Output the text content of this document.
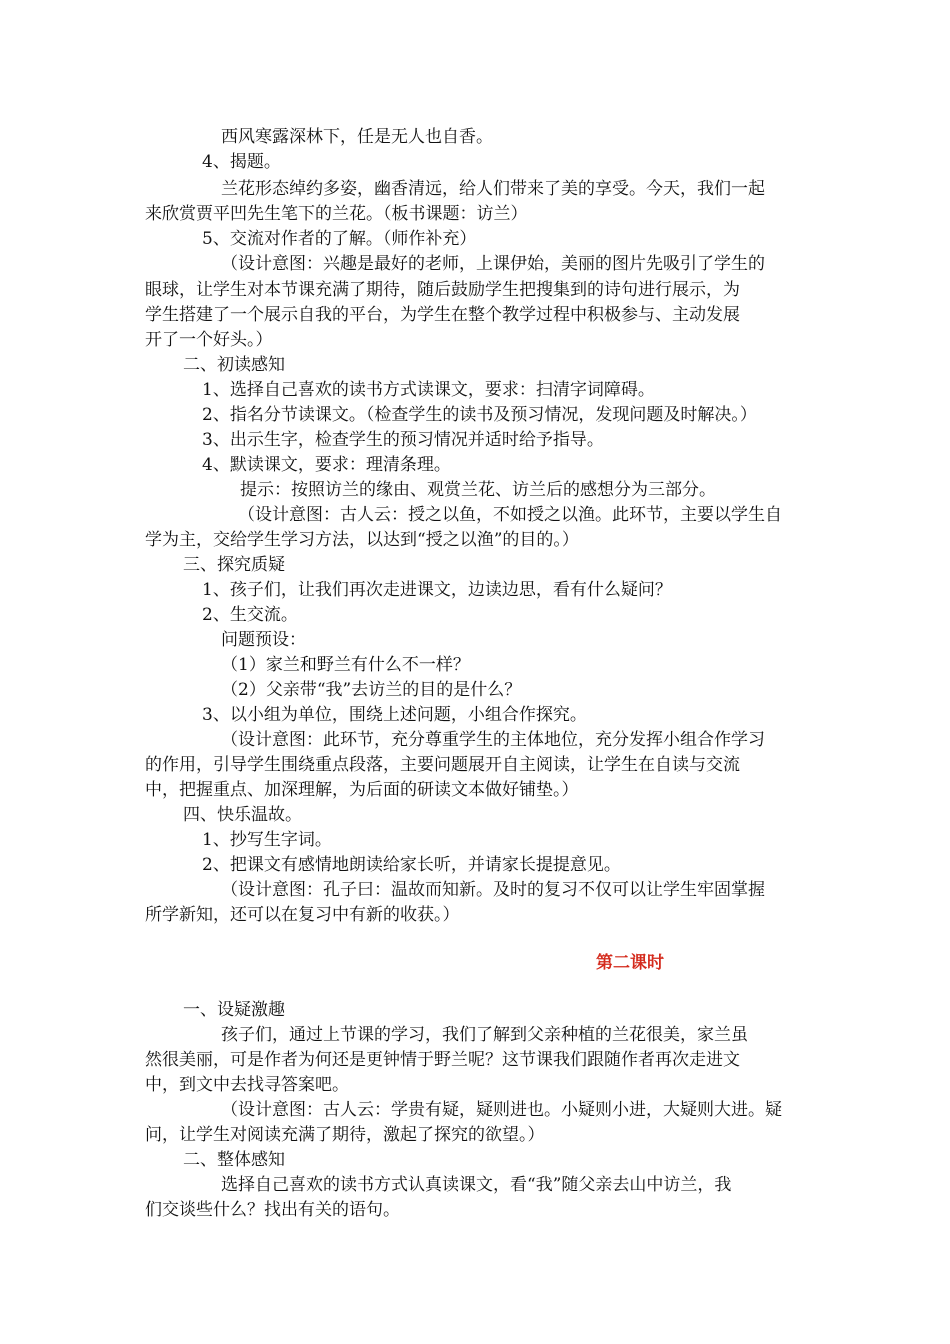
西风寒露深林下，任是无人也自香。
4、揭题。
兰花形态绰约多姿，幽香清远，给人们带来了美的享受。今天，我们一起
来欣赏贾平凹先生笔下的兰花。（板书课题：访兰）
5、交流对作者的了解。（师作补充）
（设计意图：兴趣是最好的老师，上课伊始，美丽的图片先吸引了学生的
眼球，让学生对本节课充满了期待，随后鼓励学生把搜集到的诗句进行展示，为
学生搭建了一个展示自我的平台，为学生在整个教学过程中积极参与、主动发展
开了一个好头。）
二、初读感知
1、选择自己喜欢的读书方式读课文，要求：扫清字词障碍。
2、指名分节读课文。（检查学生的读书及预习情况，发现问题及时解决。）
3、出示生字，检查学生的预习情况并适时给予指导。
4、默读课文，要求：理清条理。
提示：按照访兰的缘由、观赏兰花、访兰后的感想分为三部分。
（设计意图：古人云：授之以鱼，不如授之以渔。此环节，主要以学生自
学为主，交给学生学习方法，以达到“授之以渔”的目的。）
三、探究质疑
1、孩子们，让我们再次走进课文，边读边思，看有什么疑问？
2、生交流。
问题预设：
（1）家兰和野兰有什么不一样？
（2）父亲带“我”去访兰的目的是什么？
3、以小组为单位，围绕上述问题，小组合作探究。
（设计意图：此环节，充分尊重学生的主体地位，充分发挥小组合作学习
的作用，引导学生围绕重点段落，主要问题展开自主阅读，让学生在自读与交流
中，把握重点、加深理解，为后面的研读文本做好铺垫。）
四、快乐温故。
1、抄写生字词。
2、把课文有感情地朗读给家长听，并请家长提提意见。
（设计意图：孔子曰：温故而知新。及时的复习不仅可以让学生牢固掌握
所学新知，还可以在复习中有新的收获。）
第二课时
一、设疑激趣
孩子们，通过上节课的学习，我们了解到父亲种植的兰花很美，家兰虽
然很美丽，可是作者为何还是更钟情于野兰呢？这节课我们跟随作者再次走进文
中，到文中去找寻答案吧。
（设计意图：古人云：学贵有疑，疑则进也。小疑则小进，大疑则大进。疑
问，让学生对阅读充满了期待，激起了探究的欲望。）
二、整体感知
选择自己喜欢的读书方式认真读课文，看“我”随父亲去山中访兰，我
们交谈些什么？找出有关的语句。
